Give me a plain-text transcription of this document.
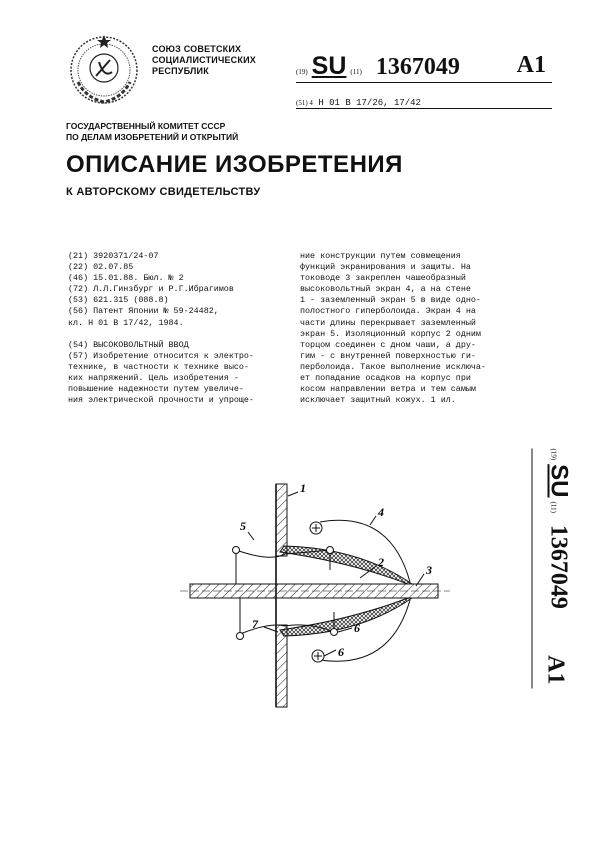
СОЮЗ СОВЕТСКИХ
СОЦИАЛИСТИЧЕСКИХ
РЕСПУБЛИК	(19) SU (11) 1367049 A1
(51) 4 H 01 B 17/26, 17/42
ГОСУДАРСТВЕННЫЙ КОМИТЕТ СССР
ПО ДЕЛАМ ИЗОБРЕТЕНИЙ И ОТКРЫТИЙ
ОПИСАНИЕ ИЗОБРЕТЕНИЯ
К АВТОРСКОМУ СВИДЕТЕЛЬСТВУ
(21) 3920371/24-07
(22) 02.07.85
(46) 15.01.88. Бюл. № 2
(72) Л.Л.Гинзбург и Р.Г.Ибрагимов
(53) 621.315 (088.8)
(56) Патент Японии № 59-24482,
кл. H 01 B 17/42, 1984.
(54) ВЫСОКОВОЛЬТНЫЙ ВВОД
(57) Изобретение относится к электро-
технике, в частности к технике высо-
ких напряжений. Цель изобретения -
повышение надежности путем увеличе-
ния электрической прочности и упроще-
ние конструкции путем совмещения
функций экранирования и защиты. На
тоководе 3 закреплен чашеобразный
высоковольтный экран 4, а на стене
1 - заземленный экран 5 в виде одно-
полостного гиперболоида. Экран 4 на
части длины перекрывает заземленный
экран 5. Изоляционный корпус 2 одним
торцом соединен с дном чаши, а дру-
гим - с внутренней поверхностью ги-
перболоида. Такое выполнение исключа-
ет попадание осадков на корпус при
косом направлении ветра и тем самым
исключает защитный кожух. 1 ил.
(19) SU (11) 1367049
A1
1
4
5
2
3
7	6
6
